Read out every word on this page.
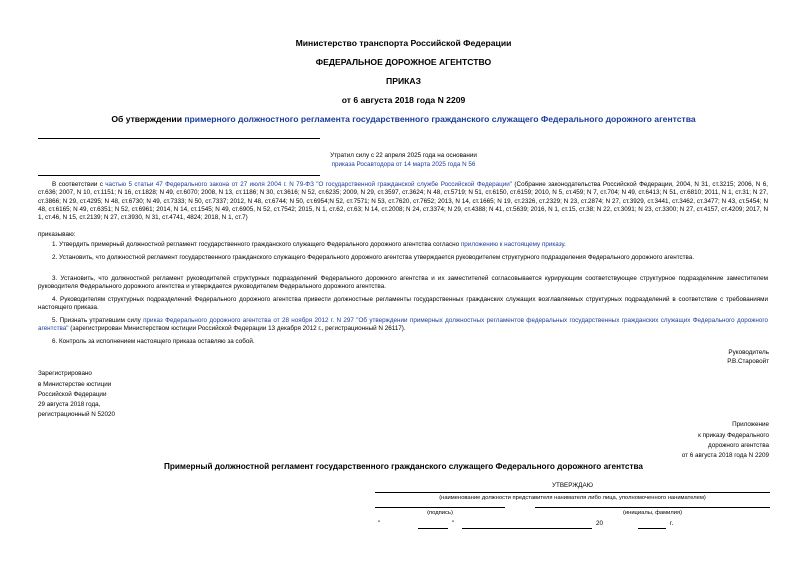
Министерство транспорта Российской Федерации
ФЕДЕРАЛЬНОЕ ДОРОЖНОЕ АГЕНТСТВО
ПРИКАЗ
от 6 августа 2018 года N 2209
Об утверждении примерного должностного регламента государственного гражданского служащего Федерального дорожного агентства
Утратил силу с 22 апреля 2025 года на основании
приказа Росавтодора от 14 марта 2025 года N 56
В соответствии с частью 5 статьи 47 Федерального закона от 27 июля 2004 г. N 79-ФЗ "О государственной гражданской службе Российской Федерации" (Собрание законодательства Российской Федерации, 2004, N 31, ст.3215; 2006, N 6, ст.636; 2007, N 10, ст.1151; N 16, ст.1828; N 49, ст.6070; 2008, N 13, ст.1186; N 30, ст.3616; N 52, ст.6235; 2009, N 29, ст.3597, ст.3624; N 48, ст.5719; N 51, ст.6150, ст.6159; 2010, N 5, ст.459; N 7, ст.704; N 49, ст.6413; N 51, ст.6810; 2011, N 1, ст.31; N 27, ст.3866; N 29, ст.4295; N 48, ст.6730; N 49, ст.7333; N 50, ст.7337; 2012, N 48, ст.6744; N 50, ст.6954;N 52, ст.7571; N 53, ст.7620, ст.7652; 2013, N 14, ст.1665; N 19, ст.2326, ст.2329; N 23, ст.2874; N 27, ст.3929, ст.3441, ст.3462, ст.3477; N 43, ст.5454; N 48, ст.6165; N 49, ст.6351; N 52, ст.6961; 2014, N 14, ст.1545; N 49, ст.6905, N 52, ст.7542; 2015, N 1, ст.62, ст.63; N 14, ст.2008; N 24, ст.3374; N 29, ст.4388; N 41, ст.5639; 2016, N 1, ст.15, ст.38; N 22, ст.3091; N 23, ст.3300; N 27, ст.4157, ст.4209; 2017, N 1, ст.46, N 15, ст.2139; N 27, ст.3930, N 31, ст.4741, 4824; 2018, N 1, ст.7)
приказываю:
1. Утвердить примерный должностной регламент государственного гражданского служащего Федерального дорожного агентства согласно приложению к настоящему приказу.
2. Установить, что должностной регламент государственного гражданского служащего Федерального дорожного агентства утверждается руководителем структурного подразделения Федерального дорожного агентства.
3. Установить, что должностной регламент руководителей структурных подразделений Федерального дорожного агентства и их заместителей согласовывается курирующим соответствующее структурное подразделение заместителем руководителя Федерального дорожного агентства и утверждается руководителем Федерального дорожного агентства.
4. Руководителям структурных подразделений Федерального дорожного агентства привести должностные регламенты государственных гражданских служащих возглавляемых структурных подразделений в соответствие с требованиями настоящего приказа.
5. Признать утратившим силу приказ Федерального дорожного агентства от 28 ноября 2012 г. N 297 "Об утверждении примерных должностных регламентов федеральных государственных гражданских служащих Федерального дорожного агентства" (зарегистрирован Министерством юстиции Российской Федерации 13 декабря 2012 г., регистрационный N 26117).
6. Контроль за исполнением настоящего приказа оставляю за собой.
Руководитель
Р.В.Старовойт
Зарегистрировано
в Министерстве юстиции
Российской Федерации
29 августа 2018 года,
регистрационный N 52020
Приложение
к приказу Федерального
дорожного агентства
от 6 августа 2018 года N 2209
Примерный должностной регламент государственного гражданского служащего Федерального дорожного агентства
УТВЕРЖДАЮ
(наименование должности представителя нанимателя либо лица, уполномоченного нанимателем)
(подпись)	(инициалы, фамилия)
"	"	20	г.
